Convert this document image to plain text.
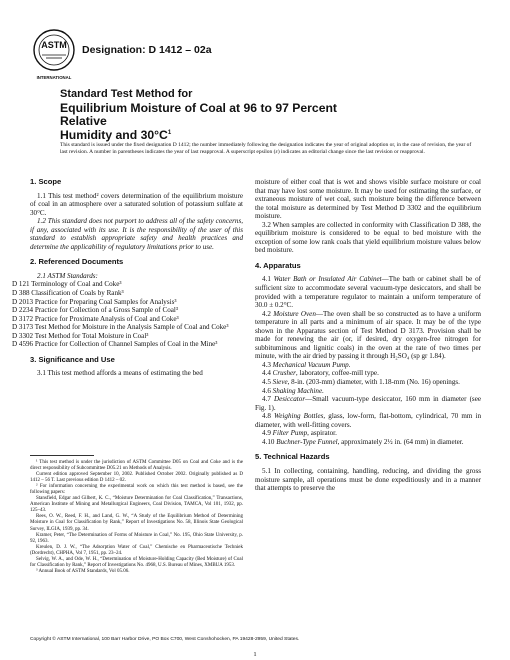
ASTM
INTERNATIONAL
Designation: D 1412 – 02a
Standard Test Method for
Equilibrium Moisture of Coal at 96 to 97 Percent Relative
Humidity and $30^\circ C^1$
This standard is issued under the fixed designation D 1412; the number immediately following the designation indicates the year of original adoption or, in the case of revision, the year of last revision. A number in parentheses indicates the year of last reapproval. A superscript epsilon (ε) indicates an editorial change since the last revision or reapproval.
1. Scope

1.1 This test method² covers determination of the equilibrium moisture of coal in an atmosphere over a saturated solution of potassium sulfate at 30°C.

1.2 This standard does not purport to address all of the safety concerns, if any, associated with its use. It is the responsibility of the user of this standard to establish appropriate safety and health practices and determine the applicability of regulatory limitations prior to use.

2. Referenced Documents

2.1 ASTM Standards:

D 121 Terminology of Coal and Coke³
D 388 Classification of Coals by Rank³
D 2013 Practice for Preparing Coal Samples for Analysis³
D 2234 Practice for Collection of a Gross Sample of Coal³
D 3172 Practice for Proximate Analysis of Coal and Coke³
D 3173 Test Method for Moisture in the Analysis Sample of Coal and Coke³
D 3302 Test Method for Total Moisture in Coal³
D 4596 Practice for Collection of Channel Samples of Coal in the Mine³
3. Significance and Use

3.1 This test method affords a means of estimating the bed

¹ This test method is under the jurisdiction of ASTM Committee D05 on Coal and Coke and is the direct responsibility of Subcommittee D05.21 on Methods of Analysis.

Current edition approved September 10, 2002. Published October 2002. Originally published as D 1412 – 56 T. Last previous edition D 1412 – 02.

² For information concerning the experimental work on which this test method is based, see the following papers:

Stansfield, Edgar and Gilbert, K. C., “Moisture Determination for Coal Classification,” Transactions, American Institute of Mining and Metallurgical Engineers, Coal Division, TAMCA, Vol 101, 1932, pp. 125–43.

Rees, O. W., Reed, F. H., and Land, G. W., “A Study of the Equilibrium Method of Determining Moisture in Coal for Classification by Rank,” Report of Investigations No. 58, Illinois State Geological Survey, ILGIA, 1939, pp. 34.

Kramer, Peter, “The Determination of Forms of Moisture in Coal,” No. 195, Ohio State University, p. 92, 1963.

Kreulen, D. J. W., “The Adsorption Water of Coal,” Chemische en Pharmaceutische Techniek (Dordrecht), CHPHA, Vol 7, 1951, pp. 23–24.

Selvig, W. A., and Ode, W. H., “Determination of Moisture-Holding Capacity (Bed Moisture) of Coal for Classification by Rank,” Report of Investigations No. 4968, U.S. Bureau of Mines, XMBUA 1953.

³ Annual Book of ASTM Standards, Vol 05.06.

moisture of either coal that is wet and shows visible surface moisture or coal that may have lost some moisture. It may be used for estimating the surface, or extraneous moisture of wet coal, such moisture being the difference between the total moisture as determined by Test Method D 3302 and the equilibrium moisture.

3.2 When samples are collected in conformity with Classification D 388, the equilibrium moisture is considered to be equal to bed moisture with the exception of some low rank coals that yield equilibrium moisture values below bed moisture.

4. Apparatus

4.1 Water Bath or Insulated Air Cabinet—The bath or cabinet shall be of sufficient size to accommodate several vacuum-type desiccators, and shall be provided with a temperature regulator to maintain a uniform temperature of 30.0 ± 0.2°C.

4.2 Moisture Oven—The oven shall be so constructed as to have a uniform temperature in all parts and a minimum of air space. It may be of the type shown in the Apparatus section of Test Method D 3173. Provision shall be made for renewing the air (or, if desired, dry oxygen-free nitrogen for subbituminous and lignitic coals) in the oven at the rate of two times per minute, with the air dried by passing it through H₂SO₄ (sp gr 1.84).

4.3 Mechanical Vacuum Pump.

4.4 Crusher, laboratory, coffee-mill type.

4.5 Sieve, 8-in. (203-mm) diameter, with 1.18-mm (No. 16) openings.

4.6 Shaking Machine.

4.7 Desiccator—Small vacuum-type desiccator, 160 mm in diameter (see Fig. 1).

4.8 Weighing Bottles, glass, low-form, flat-bottom, cylindrical, 70 mm in diameter, with well-fitting covers.

4.9 Filter Pump, aspirator.

4.10 Buchner-Type Funnel, approximately 2½ in. (64 mm) in diameter.

5. Technical Hazards

5.1 In collecting, containing, handling, reducing, and dividing the gross moisture sample, all operations must be done expeditiously and in a manner that attempts to preserve the

Copyright © ASTM International, 100 Barr Harbor Drive, PO Box C700, West Conshohocken, PA 19428-2959, United States.
1
